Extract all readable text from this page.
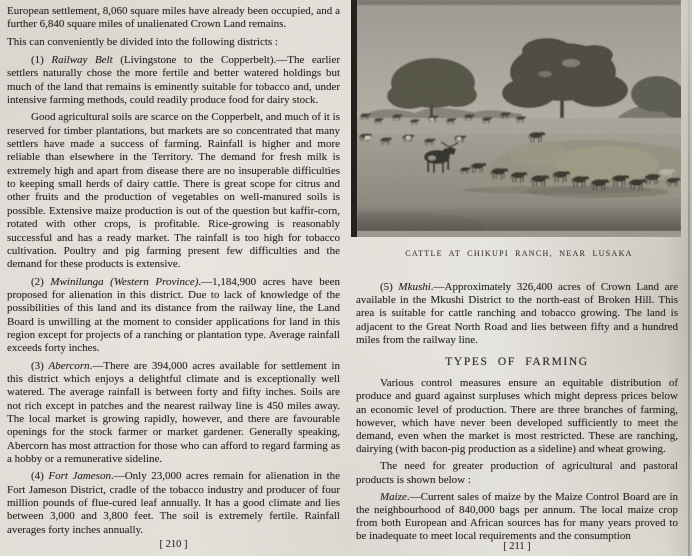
European settlement, 8,060 square miles have already been occupied, and a further 6,840 square miles of unalienated Crown Land remains.

This can conveniently be divided into the following districts :

(1) Railway Belt (Livingstone to the Copperbelt).—The earlier settlers naturally chose the more fertile and better watered holdings but much of the land that remains is eminently suitable for tobacco and, under intensive farming methods, could readily produce food for dairy stock.

Good agricultural soils are scarce on the Copperbelt, and much of it is reserved for timber plantations, but markets are so concentrated that many settlers have made a success of farming. Rainfall is higher and more reliable than elsewhere in the Territory. The demand for fresh milk is extremely high and apart from disease there are no insuperable difficulties to keeping small herds of dairy cattle. There is great scope for citrus and other fruits and the production of vegetables on well-manured soils is possible. Extensive maize production is out of the question but kaffir-corn, rotated with other crops, is profitable. Rice-growing is reasonably successful and has a ready market. The rainfall is too high for tobacco cultivation. Poultry and pig farming present few difficulties and the demand for these products is extensive.

(2) Mwinilunga (Western Province).—1,184,900 acres have been proposed for alienation in this district. Due to lack of knowledge of the possibilities of this land and its distance from the railway line, the Land Board is unwilling at the moment to consider applications for land in this region except for projects of a ranching or plantation type. Average rainfall exceeds forty inches.

(3) Abercorn.—There are 394,000 acres available for settlement in this district which enjoys a delightful climate and is exceptionally well watered. The average rainfall is between forty and fifty inches. Soils are not rich except in patches and the nearest railway line is 450 miles away. The local market is growing rapidly, however, and there are favourable openings for the stock farmer or market gardener. Generally speaking, Abercorn has most attraction for those who can afford to regard farming as a hobby or a remunerative sideline.

(4) Fort Jameson.—Only 23,000 acres remain for alienation in the Fort Jameson District, cradle of the tobacco industry and producer of four million pounds of flue-cured leaf annually. It has a good climate and lies between 3,000 and 3,800 feet. The soil is extremely fertile. Rainfall averages forty inches annually.

CATTLE AT CHIKUPI RANCH, NEAR LUSAKA

(5) Mkushi.—Approximately 326,400 acres of Crown Land are available in the Mkushi District to the north-east of Broken Hill. This area is suitable for cattle ranching and tobacco growing. The land is adjacent to the Great North Road and lies between fifty and a hundred miles from the railway line.

TYPES OF FARMING

Various control measures ensure an equitable distribution of produce and guard against surpluses which might depress prices below an economic level of production. There are three branches of farming, however, which have never been developed sufficiently to meet the demand, even when the market is most restricted. These are ranching, dairying (with bacon-pig production as a sideline) and wheat growing.

The need for greater production of agricultural and pastoral products is shown below :

Maize.—Current sales of maize by the Maize Control Board are in the neighbourhood of 840,000 bags per annum. The local maize crop from both European and African sources has for many years proved to be inadequate to meet local requirements and the consumption

[ 210 ]	[ 211 ]
